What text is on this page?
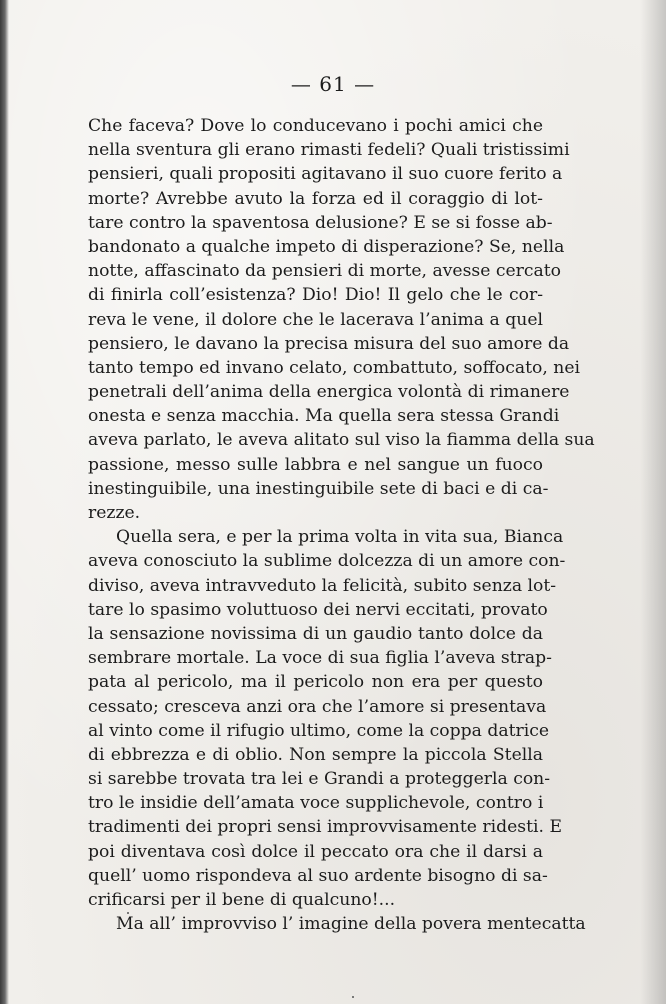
— 61 —
Che faceva? Dove lo conducevano i pochi amici che
nella sventura gli erano rimasti fedeli? Quali tristissimi
pensieri, quali propositi agitavano il suo cuore ferito a
morte? Avrebbe avuto la forza ed il coraggio di lot-
tare contro la spaventosa delusione? E se si fosse ab-
bandonato a qualche impeto di disperazione? Se, nella
notte, affascinato da pensieri di morte, avesse cercato
di finirla coll’esistenza? Dio! Dio! Il gelo che le cor-
reva le vene, il dolore che le lacerava l’anima a quel
pensiero, le davano la precisa misura del suo amore da
tanto tempo ed invano celato, combattuto, soffocato, nei
penetrali dell’anima della energica volontà di rimanere
onesta e senza macchia. Ma quella sera stessa Grandi
aveva parlato, le aveva alitato sul viso la fiamma della sua
passione, messo sulle labbra e nel sangue un fuoco
inestinguibile, una inestinguibile sete di baci e di ca-
rezze.
Quella sera, e per la prima volta in vita sua, Bianca
aveva conosciuto la sublime dolcezza di un amore con-
diviso, aveva intravveduto la felicità, subito senza lot-
tare lo spasimo voluttuoso dei nervi eccitati, provato
la sensazione novissima di un gaudio tanto dolce da
sembrare mortale. La voce di sua figlia l’aveva strap-
pata al pericolo, ma il pericolo non era per questo
cessato; cresceva anzi ora che l’amore si presentava
al vinto come il rifugio ultimo, come la coppa datrice
di ebbrezza e di oblio. Non sempre la piccola Stella
si sarebbe trovata tra lei e Grandi a proteggerla con-
tro le insidie dell’amata voce supplichevole, contro i
tradimenti dei propri sensi improvvisamente ridesti. E
poi diventava così dolce il peccato ora che il darsi a
quell’ uomo rispondeva al suo ardente bisogno di sa-
crificarsi per il bene di qualcuno!...
Ma all’ improvviso l’ imagine della povera mentecatta
